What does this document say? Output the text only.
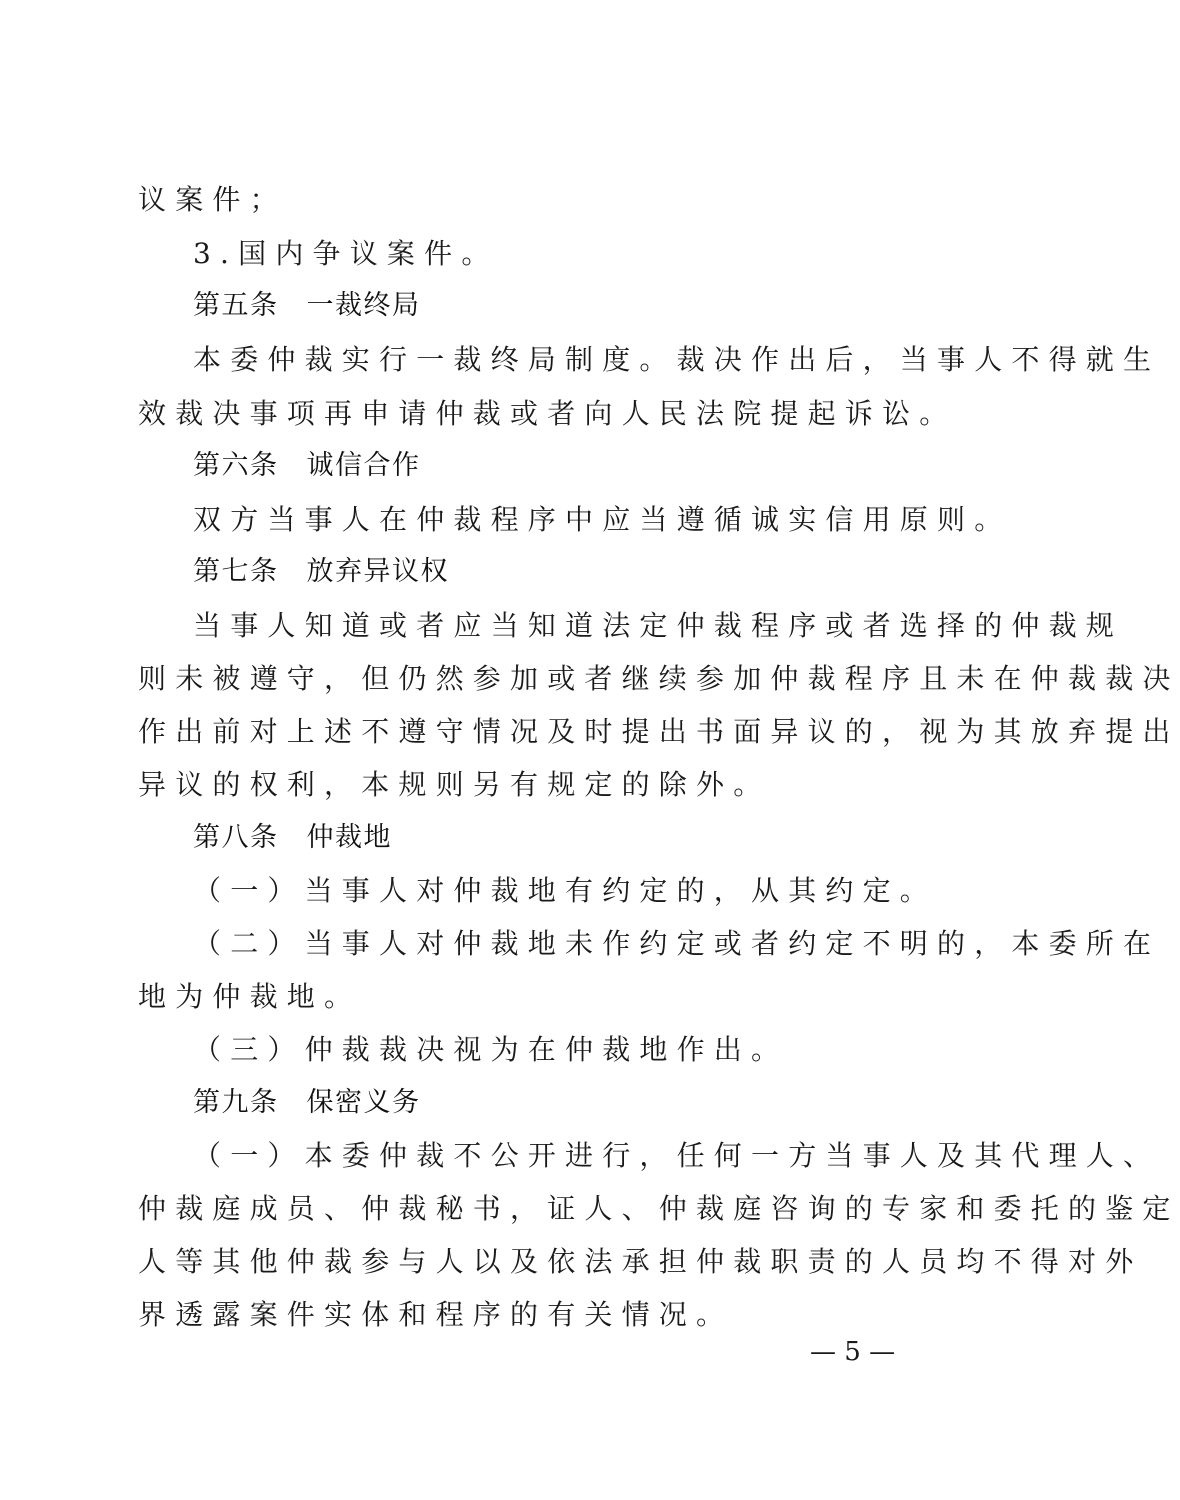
议案件；
3.国内争议案件。
第五条 一裁终局
本委仲裁实行一裁终局制度。裁决作出后，当事人不得就生
效裁决事项再申请仲裁或者向人民法院提起诉讼。
第六条 诚信合作
双方当事人在仲裁程序中应当遵循诚实信用原则。
第七条 放弃异议权
当事人知道或者应当知道法定仲裁程序或者选择的仲裁规
则未被遵守，但仍然参加或者继续参加仲裁程序且未在仲裁裁决
作出前对上述不遵守情况及时提出书面异议的，视为其放弃提出
异议的权利，本规则另有规定的除外。
第八条 仲裁地
（一）当事人对仲裁地有约定的，从其约定。
（二）当事人对仲裁地未作约定或者约定不明的，本委所在
地为仲裁地。
（三）仲裁裁决视为在仲裁地作出。
第九条 保密义务
（一）本委仲裁不公开进行，任何一方当事人及其代理人、
仲裁庭成员、仲裁秘书，证人、仲裁庭咨询的专家和委托的鉴定
人等其他仲裁参与人以及依法承担仲裁职责的人员均不得对外
界透露案件实体和程序的有关情况。
— 5 —
